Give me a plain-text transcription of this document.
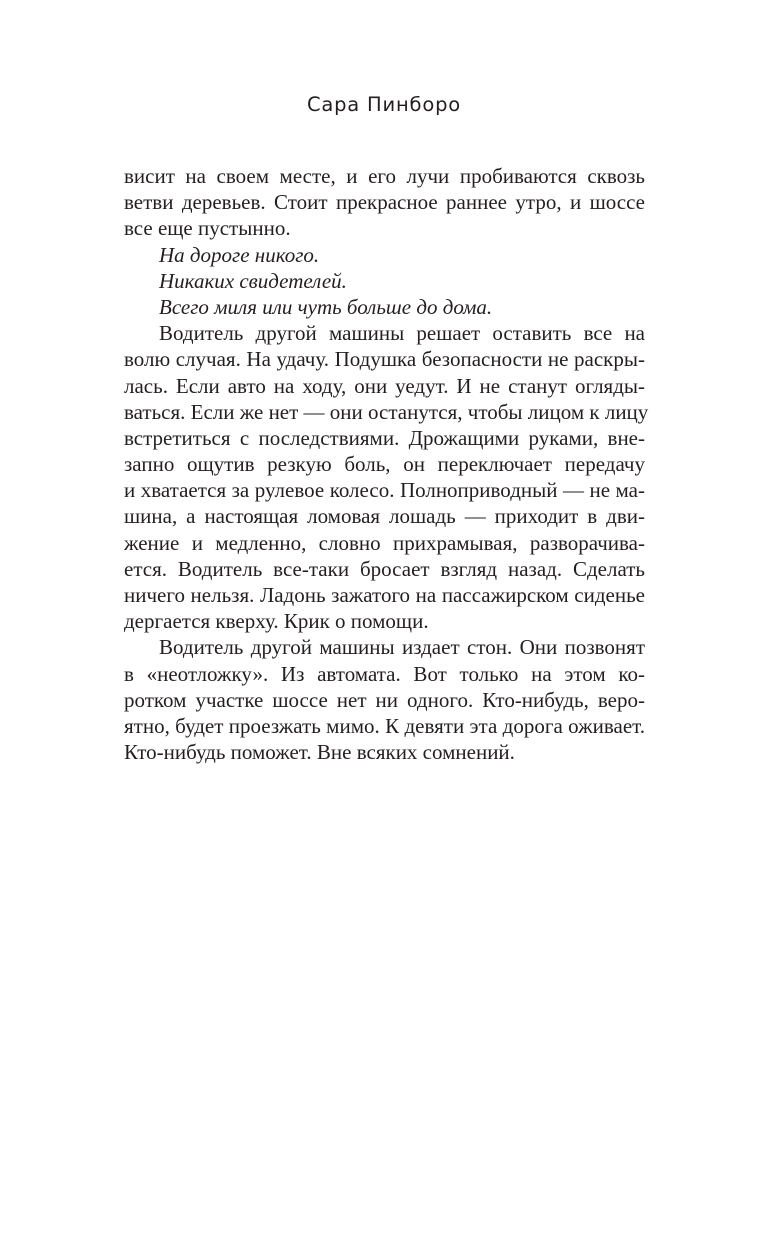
Сара Пинборо
висит на своем месте, и его лучи пробиваются сквозь
ветви деревьев. Стоит прекрасное раннее утро, и шоссе
все еще пустынно.
На дороге никого.
Никаких свидетелей.
Всего миля или чуть больше до дома.
Водитель другой машины решает оставить все на
волю случая. На удачу. Подушка безопасности не раскры-
лась. Если авто на ходу, они уедут. И не станут огляды-
ваться. Если же нет — они останутся, чтобы лицом к лицу
встретиться с последствиями. Дрожащими руками, вне-
запно ощутив резкую боль, он переключает передачу
и хватается за рулевое колесо. Полноприводный — не ма-
шина, а настоящая ломовая лошадь — приходит в дви-
жение и медленно, словно прихрамывая, разворачива-
ется. Водитель все-таки бросает взгляд назад. Сделать
ничего нельзя. Ладонь зажатого на пассажирском сиденье
дергается кверху. Крик о помощи.
Водитель другой машины издает стон. Они позвонят
в «неотложку». Из автомата. Вот только на этом ко-
ротком участке шоссе нет ни одного. Кто-нибудь, веро-
ятно, будет проезжать мимо. К девяти эта дорога оживает.
Кто-нибудь поможет. Вне всяких сомнений.
